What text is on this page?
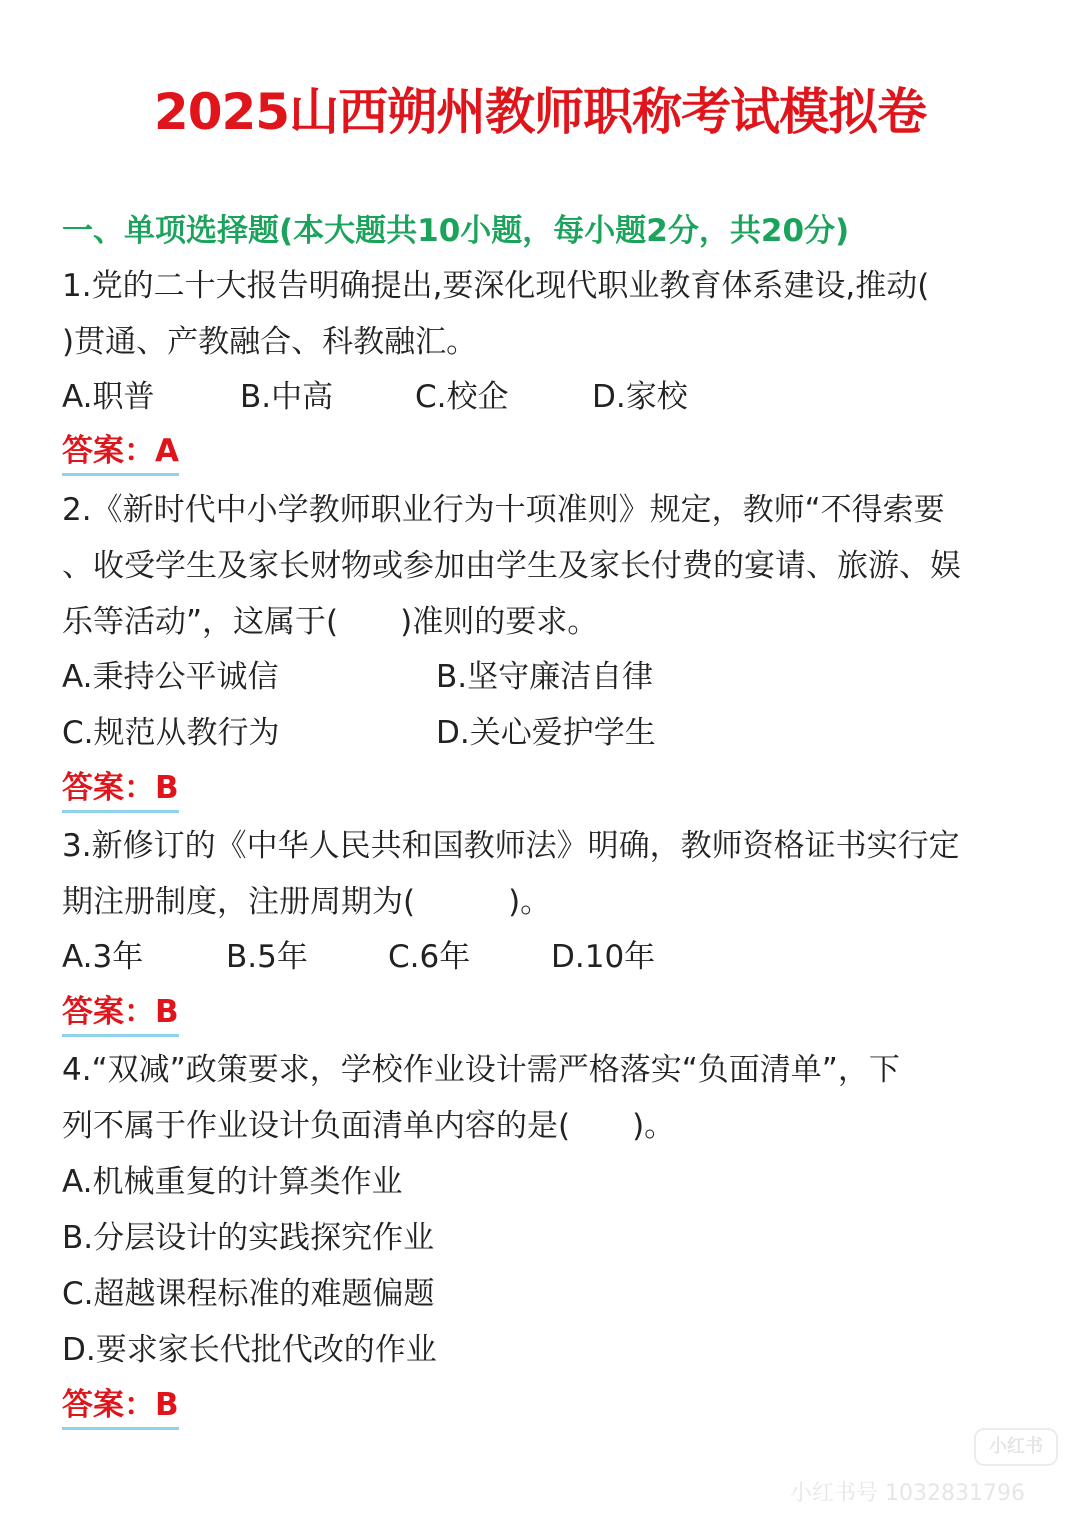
2025山西朔州教师职称考试模拟卷
一、单项选择题(本大题共10小题，每小题2分，共20分)
1.党的二十大报告明确提出,要深化现代职业教育体系建设,推动(
)贯通、产教融合、科教融汇。
A.职普	B.中高	C.校企	D.家校
答案：A
2.《新时代中小学教师职业行为十项准则》规定，教师“不得索要
、收受学生及家长财物或参加由学生及家长付费的宴请、旅游、娱
乐等活动”，这属于(　　)准则的要求。
A.秉持公平诚信	B.坚守廉洁自律
C.规范从教行为	D.关心爱护学生
答案：B
3.新修订的《中华人民共和国教师法》明确，教师资格证书实行定
期注册制度，注册周期为(　　　)。
A.3年	B.5年	C.6年	D.10年
答案：B
4.“双减”政策要求，学校作业设计需严格落实“负面清单”，下
列不属于作业设计负面清单内容的是(　　)。
A.机械重复的计算类作业
B.分层设计的实践探究作业
C.超越课程标准的难题偏题
D.要求家长代批代改的作业
答案：B
小红书
小红书号 1032831796
